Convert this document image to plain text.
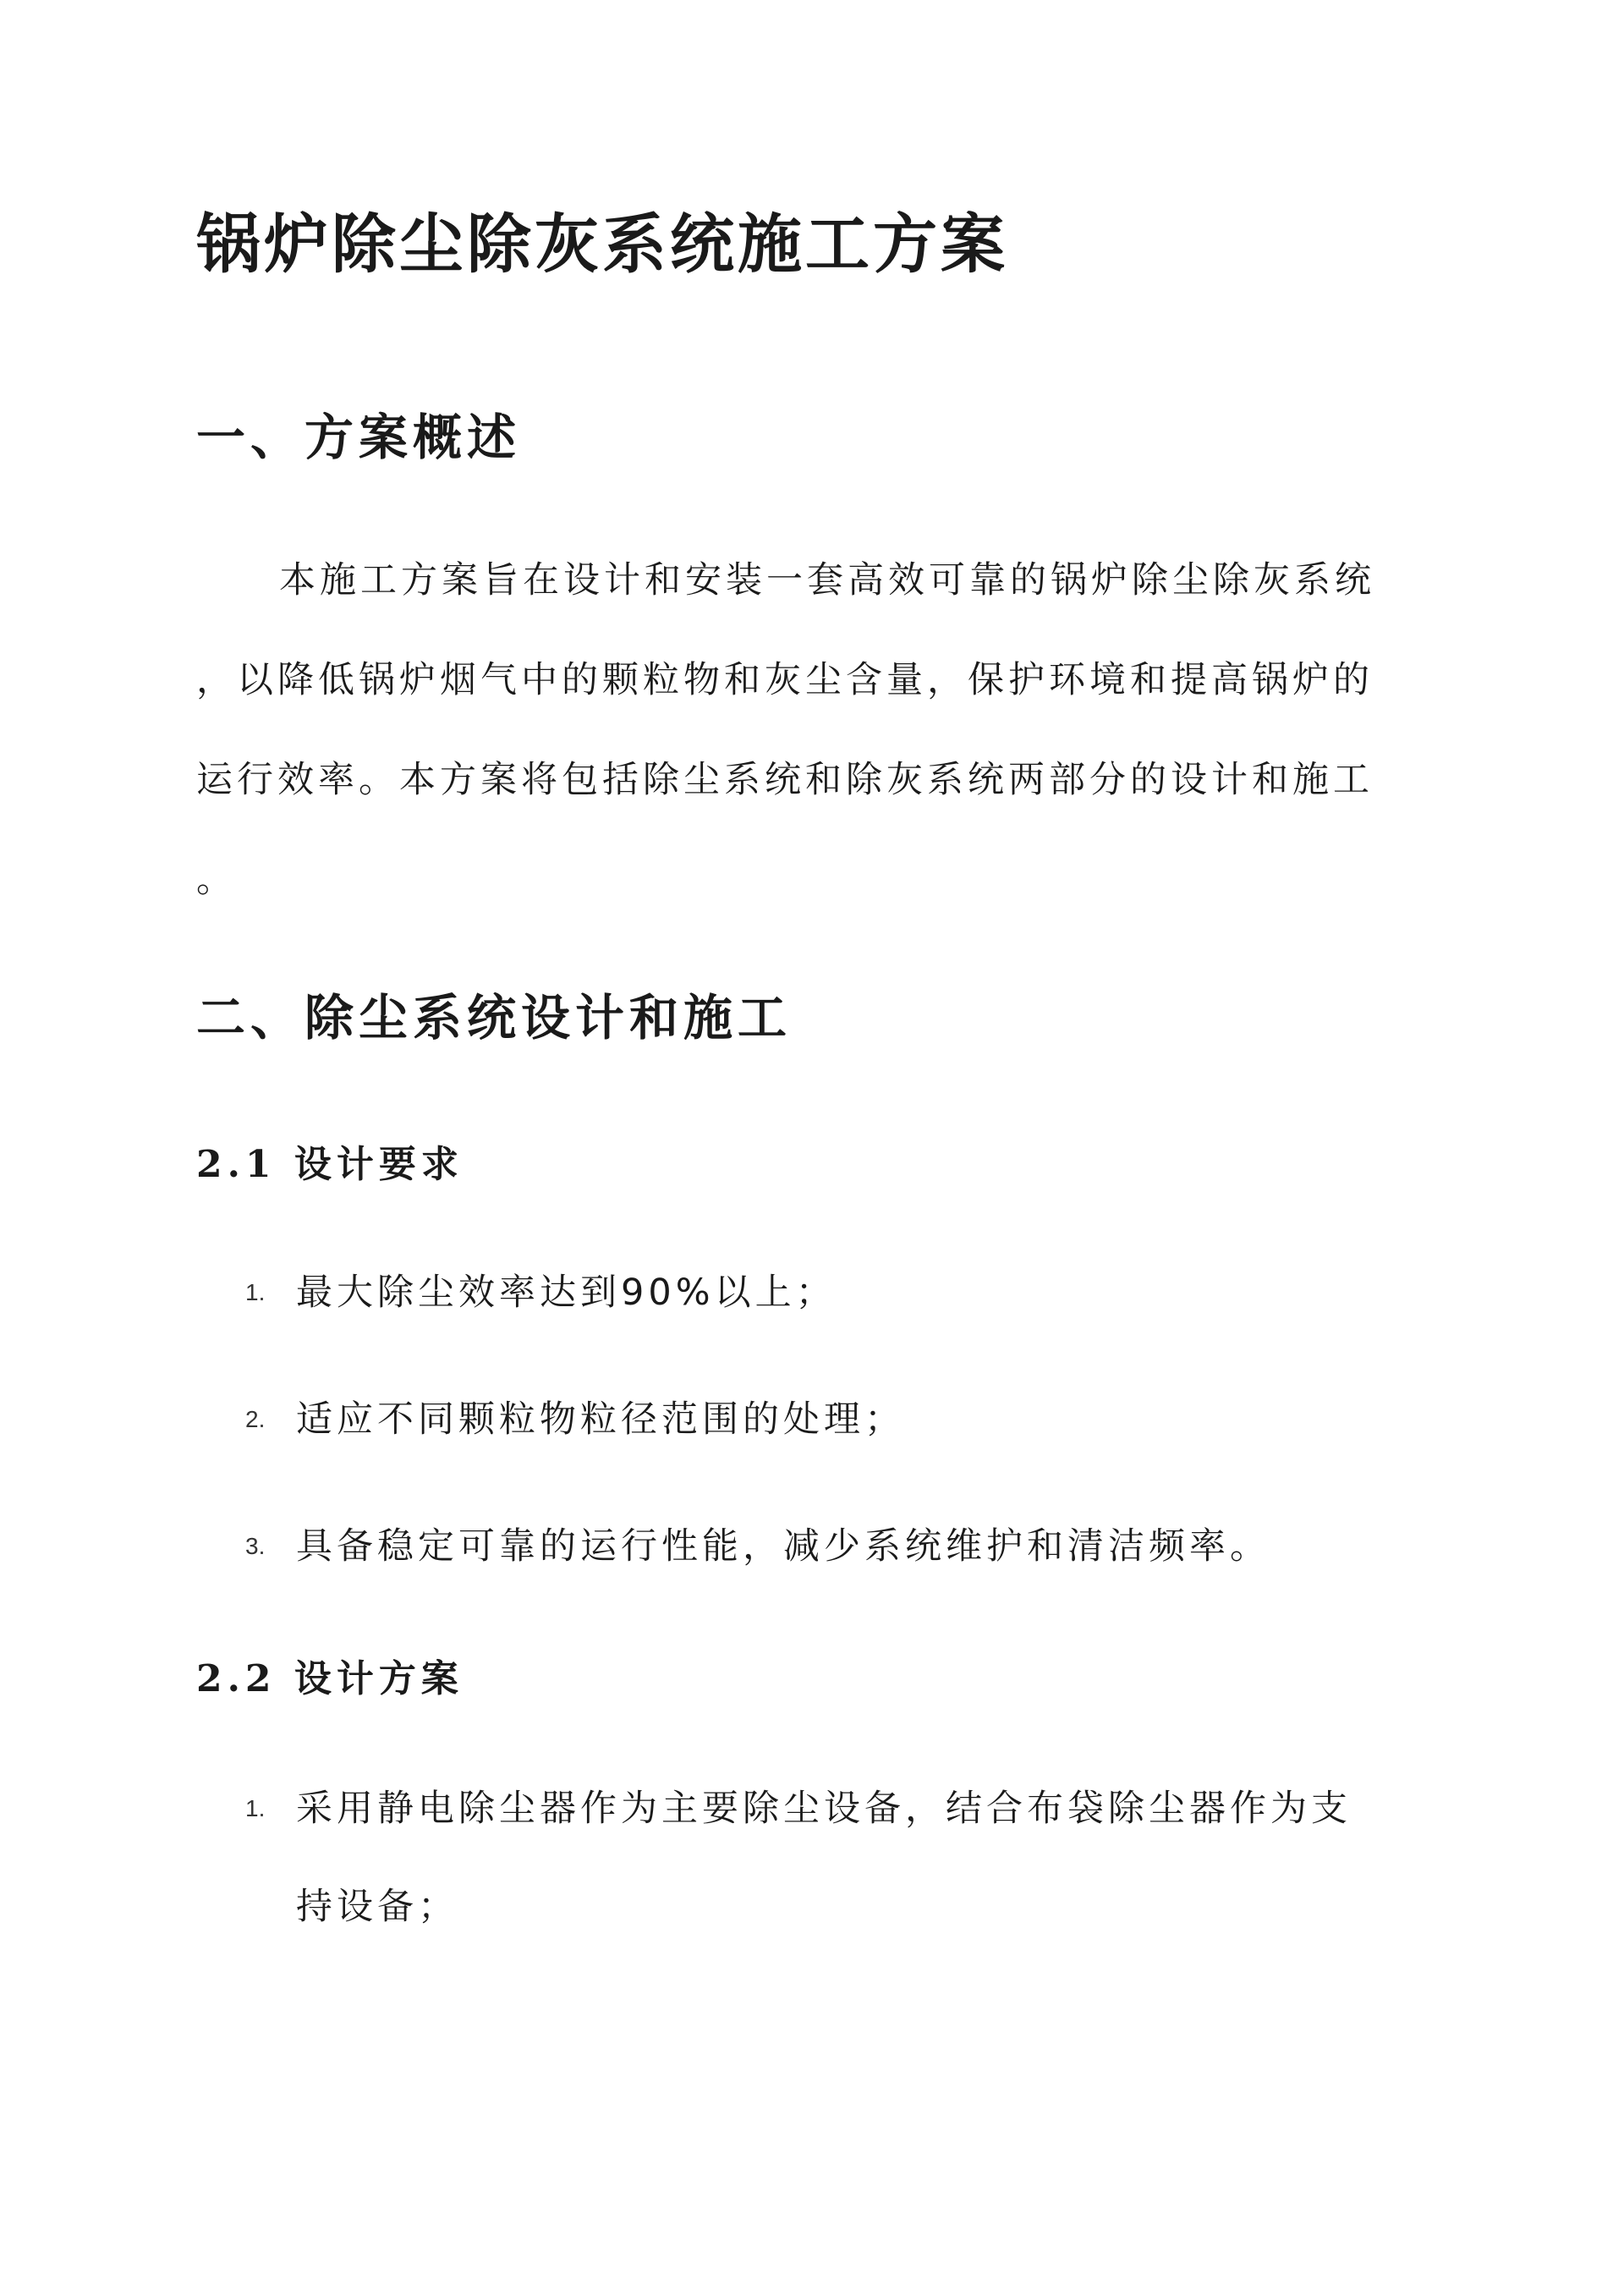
锅炉除尘除灰系统施工方案
一、方案概述

本施工方案旨在设计和安装一套高效可靠的锅炉除尘除灰系统

，以降低锅炉烟气中的颗粒物和灰尘含量，保护环境和提高锅炉的

运行效率。本方案将包括除尘系统和除灰系统两部分的设计和施工

。

二、除尘系统设计和施工
2.1 设计要求
1. 最大除尘效率达到90%以上；
2. 适应不同颗粒物粒径范围的处理；
3. 具备稳定可靠的运行性能，减少系统维护和清洁频率。
2.2 设计方案
1. 采用静电除尘器作为主要除尘设备，结合布袋除尘器作为支
持设备；
